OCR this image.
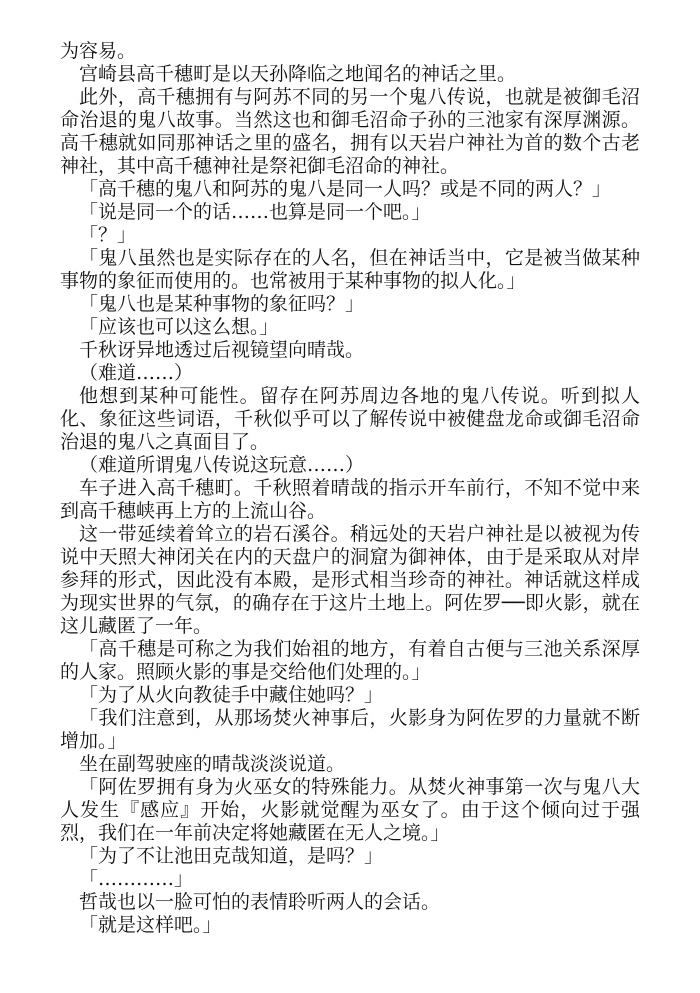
为容易。

宫崎县高千穗町是以天孙降临之地闻名的神话之里。

此外，高千穗拥有与阿苏不同的另一个鬼八传说，也就是被御毛沼命治退的鬼八故事。当然这也和御毛沼命子孙的三池家有深厚渊源。高千穗就如同那神话之里的盛名，拥有以天岩户神社为首的数个古老神社，其中高千穗神社是祭祀御毛沼命的神社。

「高千穗的鬼八和阿苏的鬼八是同一人吗？或是不同的两人？」

「说是同一个的话……也算是同一个吧。」

「？」

「鬼八虽然也是实际存在的人名，但在神话当中，它是被当做某种事物的象征而使用的。也常被用于某种事物的拟人化。」

「鬼八也是某种事物的象征吗？」

「应该也可以这么想。」

千秋讶异地透过后视镜望向晴哉。

（难道……）

他想到某种可能性。留存在阿苏周边各地的鬼八传说。听到拟人化、象征这些词语，千秋似乎可以了解传说中被健盘龙命或御毛沼命治退的鬼八之真面目了。

（难道所谓鬼八传说这玩意……）

车子进入高千穗町。千秋照着晴哉的指示开车前行，不知不觉中来到高千穗峡再上方的上流山谷。

这一带延续着耸立的岩石溪谷。稍远处的天岩户神社是以被视为传说中天照大神闭关在内的天盘户的洞窟为御神体，由于是采取从对岸参拜的形式，因此没有本殿，是形式相当珍奇的神社。神话就这样成为现实世界的气氛，的确存在于这片土地上。阿佐罗──即火影，就在这儿藏匿了一年。

「高千穗是可称之为我们始祖的地方，有着自古便与三池关系深厚的人家。照顾火影的事是交给他们处理的。」

「为了从火向教徒手中藏住她吗？」

「我们注意到，从那场焚火神事后，火影身为阿佐罗的力量就不断增加。」

坐在副驾驶座的晴哉淡淡说道。

「阿佐罗拥有身为火巫女的特殊能力。从焚火神事第一次与鬼八大人发生『感应』开始，火影就觉醒为巫女了。由于这个倾向过于强烈，我们在一年前决定将她藏匿在无人之境。」

「为了不让池田克哉知道，是吗？」

「…………」

哲哉也以一脸可怕的表情聆听两人的会话。

「就是这样吧。」
